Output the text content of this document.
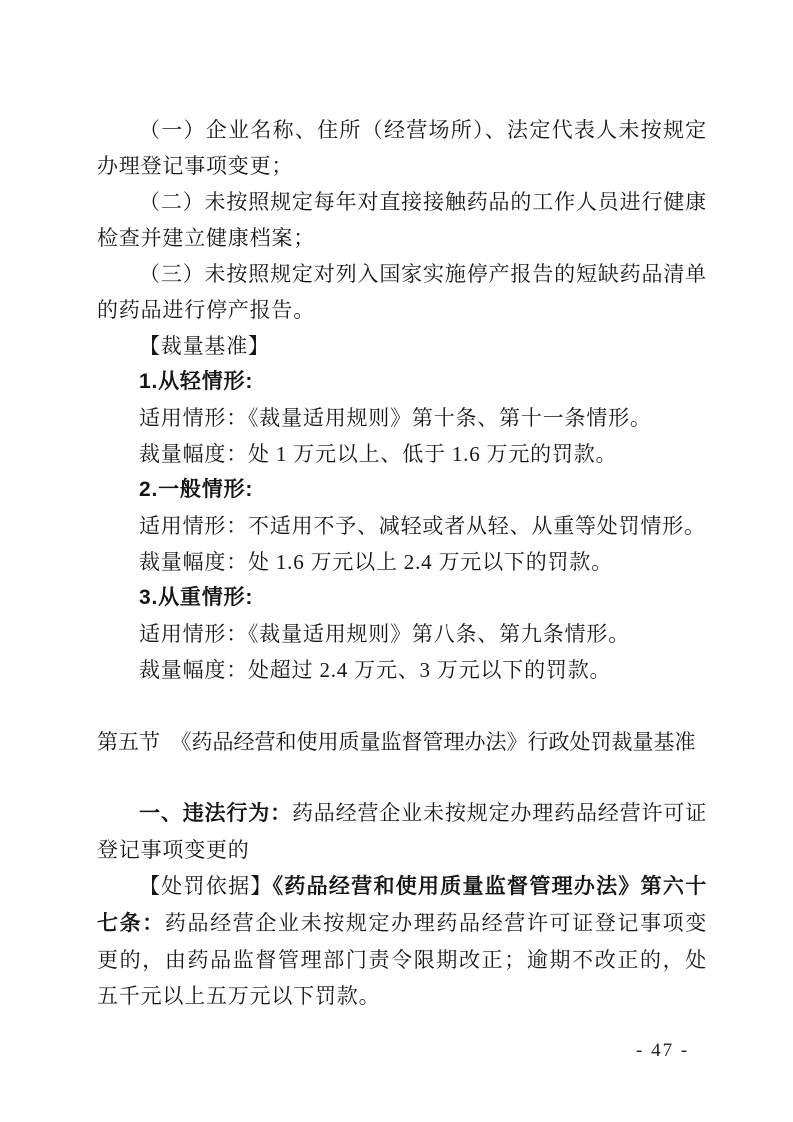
（一）企业名称、住所（经营场所）、法定代表人未按规定办理登记事项变更；

（二）未按照规定每年对直接接触药品的工作人员进行健康检查并建立健康档案；

（三）未按照规定对列入国家实施停产报告的短缺药品清单的药品进行停产报告。

【裁量基准】

1.从轻情形:

适用情形：《裁量适用规则》第十条、第十一条情形。

裁量幅度：处 1 万元以上、低于 1.6 万元的罚款。

2.一般情形:

适用情形：不适用不予、减轻或者从轻、从重等处罚情形。

裁量幅度：处 1.6 万元以上 2.4 万元以下的罚款。

3.从重情形:

适用情形：《裁量适用规则》第八条、第九条情形。

裁量幅度：处超过 2.4 万元、3 万元以下的罚款。

第五节　《药品经营和使用质量监督管理办法》行政处罚裁量基准

一、违法行为：药品经营企业未按规定办理药品经营许可证登记事项变更的

【处罚依据】《药品经营和使用质量监督管理办法》第六十七条：药品经营企业未按规定办理药品经营许可证登记事项变更的，由药品监督管理部门责令限期改正；逾期不改正的，处五千元以上五万元以下罚款。

- 47 -
